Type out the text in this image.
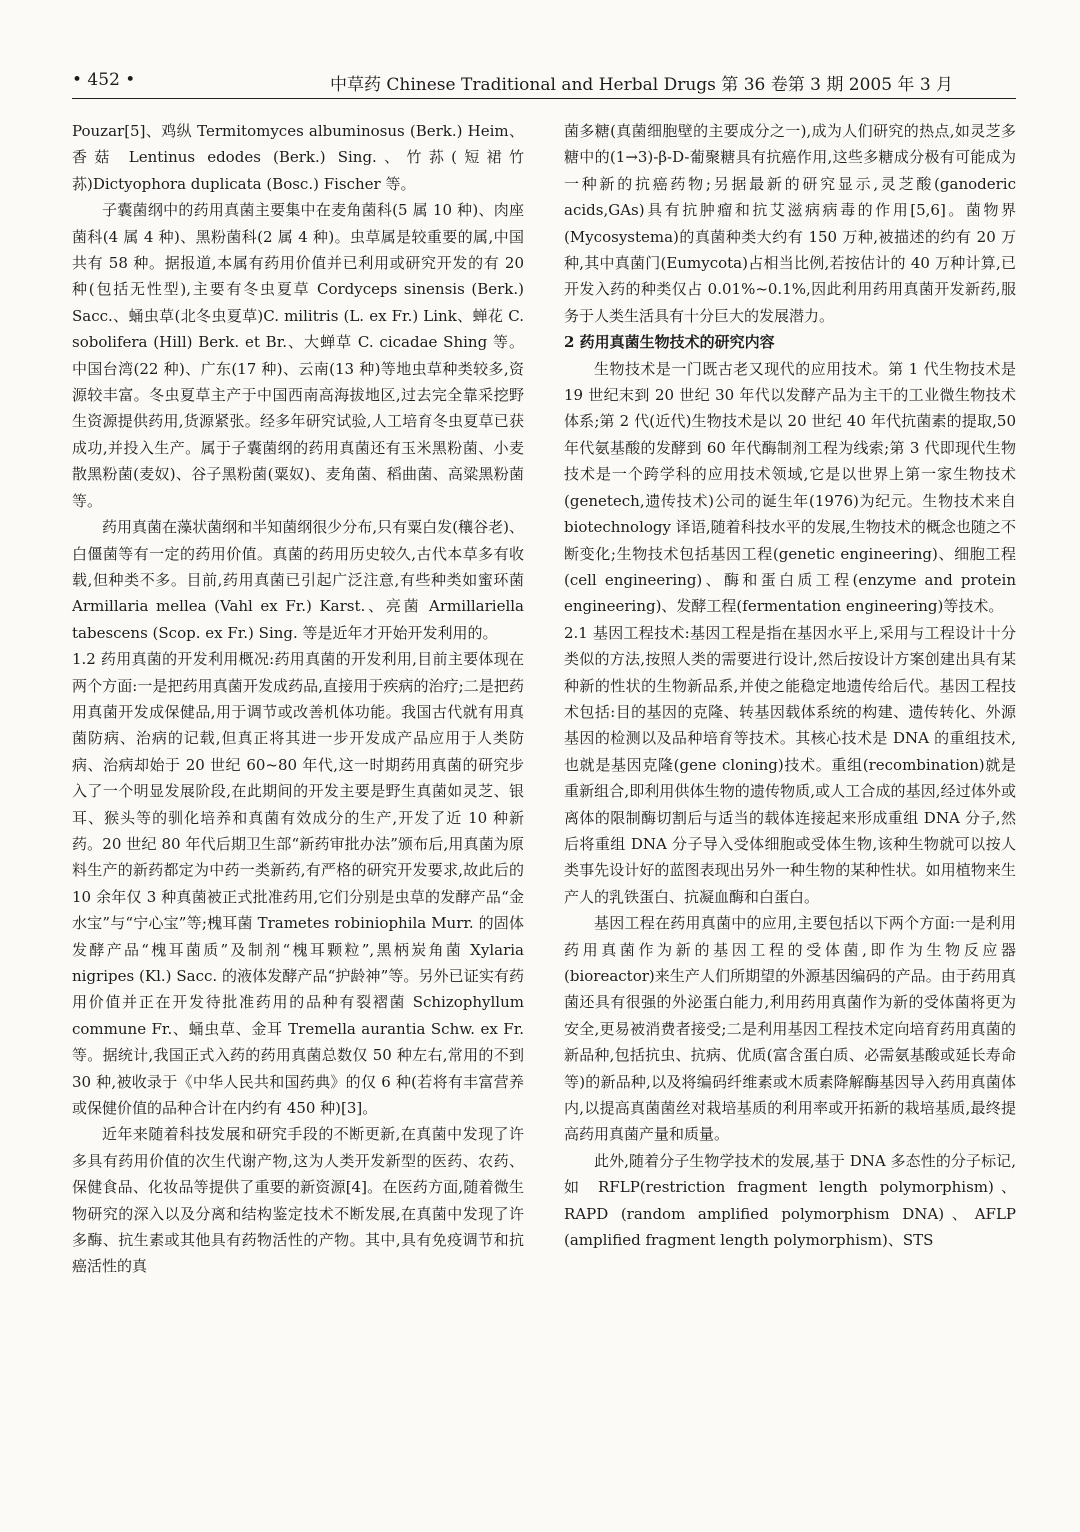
• 452 •	中草药 Chinese Traditional and Herbal Drugs 第 36 卷第 3 期 2005 年 3 月

Pouzar[5]、鸡纵 Termitomyces albuminosus (Berk.) Heim、香菇 Lentinus edodes (Berk.) Sing.、竹荪(短裙竹荪)Dictyophora duplicata (Bosc.) Fischer 等。

子囊菌纲中的药用真菌主要集中在麦角菌科(5 属 10 种)、肉座菌科(4 属 4 种)、黑粉菌科(2 属 4 种)。虫草属是较重要的属,中国共有 58 种。据报道,本属有药用价值并已利用或研究开发的有 20 种(包括无性型),主要有冬虫夏草 Cordyceps sinensis (Berk.) Sacc.、蛹虫草(北冬虫夏草)C. militris (L. ex Fr.) Link、蝉花 C. sobolifera (Hill) Berk. et Br.、大蝉草 C. cicadae Shing 等。中国台湾(22 种)、广东(17 种)、云南(13 种)等地虫草种类较多,资源较丰富。冬虫夏草主产于中国西南高海拔地区,过去完全靠采挖野生资源提供药用,货源紧张。经多年研究试验,人工培育冬虫夏草已获成功,并投入生产。属于子囊菌纲的药用真菌还有玉米黑粉菌、小麦散黑粉菌(麦奴)、谷子黑粉菌(粟奴)、麦角菌、稻曲菌、高粱黑粉菌等。

药用真菌在藻状菌纲和半知菌纲很少分布,只有粟白发(穰谷老)、白僵菌等有一定的药用价值。真菌的药用历史较久,古代本草多有收载,但种类不多。目前,药用真菌已引起广泛注意,有些种类如蜜环菌 Armillaria mellea (Vahl ex Fr.) Karst.、亮菌 Armillariella tabescens (Scop. ex Fr.) Sing. 等是近年才开始开发利用的。

1.2 药用真菌的开发利用概况:药用真菌的开发利用,目前主要体现在两个方面:一是把药用真菌开发成药品,直接用于疾病的治疗;二是把药用真菌开发成保健品,用于调节或改善机体功能。我国古代就有用真菌防病、治病的记载,但真正将其进一步开发成产品应用于人类防病、治病却始于 20 世纪 60~80 年代,这一时期药用真菌的研究步入了一个明显发展阶段,在此期间的开发主要是野生真菌如灵芝、银耳、猴头等的驯化培养和真菌有效成分的生产,开发了近 10 种新药。20 世纪 80 年代后期卫生部“新药审批办法”颁布后,用真菌为原料生产的新药都定为中药一类新药,有严格的研究开发要求,故此后的 10 余年仅 3 种真菌被正式批准药用,它们分别是虫草的发酵产品“金水宝”与“宁心宝”等;槐耳菌 Trametes robiniophila Murr. 的固体发酵产品“槐耳菌质”及制剂“槐耳颗粒”,黑柄炭角菌 Xylaria nigripes (Kl.) Sacc. 的液体发酵产品“护龄神”等。另外已证实有药用价值并正在开发待批准药用的品种有裂褶菌 Schizophyllum commune Fr.、蛹虫草、金耳 Tremella aurantia Schw. ex Fr. 等。据统计,我国正式入药的药用真菌总数仅 50 种左右,常用的不到 30 种,被收录于《中华人民共和国药典》的仅 6 种(若将有丰富营养或保健价值的品种合计在内约有 450 种)[3]。

近年来随着科技发展和研究手段的不断更新,在真菌中发现了许多具有药用价值的次生代谢产物,这为人类开发新型的医药、农药、保健食品、化妆品等提供了重要的新资源[4]。在医药方面,随着微生物研究的深入以及分离和结构鉴定技术不断发展,在真菌中发现了许多酶、抗生素或其他具有药物活性的产物。其中,具有免疫调节和抗癌活性的真

菌多糖(真菌细胞壁的主要成分之一),成为人们研究的热点,如灵芝多糖中的(1→3)-β-D-葡聚糖具有抗癌作用,这些多糖成分极有可能成为一种新的抗癌药物;另据最新的研究显示,灵芝酸(ganoderic acids,GAs)具有抗肿瘤和抗艾滋病病毒的作用[5,6]。菌物界(Mycosystema)的真菌种类大约有 150 万种,被描述的约有 20 万种,其中真菌门(Eumycota)占相当比例,若按估计的 40 万种计算,已开发入药的种类仅占 0.01%~0.1%,因此利用药用真菌开发新药,服务于人类生活具有十分巨大的发展潜力。

2 药用真菌生物技术的研究内容

生物技术是一门既古老又现代的应用技术。第 1 代生物技术是 19 世纪末到 20 世纪 30 年代以发酵产品为主干的工业微生物技术体系;第 2 代(近代)生物技术是以 20 世纪 40 年代抗菌素的提取,50 年代氨基酸的发酵到 60 年代酶制剂工程为线索;第 3 代即现代生物技术是一个跨学科的应用技术领域,它是以世界上第一家生物技术(genetech,遗传技术)公司的诞生年(1976)为纪元。生物技术来自 biotechnology 译语,随着科技水平的发展,生物技术的概念也随之不断变化;生物技术包括基因工程(genetic engineering)、细胞工程(cell engineering)、酶和蛋白质工程(enzyme and protein engineering)、发酵工程(fermentation engineering)等技术。

2.1 基因工程技术:基因工程是指在基因水平上,采用与工程设计十分类似的方法,按照人类的需要进行设计,然后按设计方案创建出具有某种新的性状的生物新品系,并使之能稳定地遗传给后代。基因工程技术包括:目的基因的克隆、转基因载体系统的构建、遗传转化、外源基因的检测以及品种培育等技术。其核心技术是 DNA 的重组技术,也就是基因克隆(gene cloning)技术。重组(recombination)就是重新组合,即利用供体生物的遗传物质,或人工合成的基因,经过体外或离体的限制酶切割后与适当的载体连接起来形成重组 DNA 分子,然后将重组 DNA 分子导入受体细胞或受体生物,该种生物就可以按人类事先设计好的蓝图表现出另外一种生物的某种性状。如用植物来生产人的乳铁蛋白、抗凝血酶和白蛋白。

基因工程在药用真菌中的应用,主要包括以下两个方面:一是利用药用真菌作为新的基因工程的受体菌,即作为生物反应器(bioreactor)来生产人们所期望的外源基因编码的产品。由于药用真菌还具有很强的外泌蛋白能力,利用药用真菌作为新的受体菌将更为安全,更易被消费者接受;二是利用基因工程技术定向培育药用真菌的新品种,包括抗虫、抗病、优质(富含蛋白质、必需氨基酸或延长寿命等)的新品种,以及将编码纤维素或木质素降解酶基因导入药用真菌体内,以提高真菌菌丝对栽培基质的利用率或开拓新的栽培基质,最终提高药用真菌产量和质量。

此外,随着分子生物学技术的发展,基于 DNA 多态性的分子标记,如 RFLP(restriction fragment length polymorphism)、RAPD (random amplified polymorphism DNA)、AFLP (amplified fragment length polymorphism)、STS
